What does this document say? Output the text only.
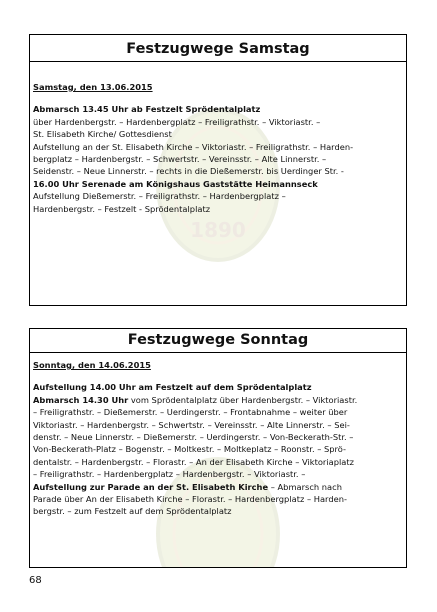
1890
Festzugwege Samstag

Samstag, den 13.06.2015

Abmarsch 13.45 Uhr ab Festzelt Sprödentalplatz

über Hardenbergstr. – Hardenbergplatz – Freiligrathstr. – Viktoriastr. –

St. Elisabeth Kirche/ Gottesdienst

Aufstellung an der St. Elisabeth Kirche – Viktoriastr. – Freiligrathstr. – Harden-

bergplatz – Hardenbergstr. – Schwertstr. – Vereinsstr. – Alte Linnerstr. –

Seidenstr. – Neue Linnerstr. – rechts in die Dießemerstr. bis Uerdinger Str. -

16.00 Uhr Serenade am Königshaus Gaststätte Heimannseck

Aufstellung Dießemerstr. – Freiligrathstr. – Hardenbergplatz –

Hardenbergstr. – Festzelt - Sprödentalplatz

1890
Festzugwege Sonntag

Sonntag, den 14.06.2015

Aufstellung 14.00 Uhr am Festzelt auf dem Sprödentalplatz

Abmarsch 14.30 Uhr vom Sprödentalplatz über Hardenbergstr. – Viktoriastr.

– Freiligrathstr. – Dießemerstr. – Uerdingerstr. – Frontabnahme – weiter über

Viktoriastr. – Hardenbergstr. – Schwertstr. – Vereinsstr. – Alte Linnerstr. – Sei-

denstr. – Neue Linnerstr. – Dießemerstr. – Uerdingerstr. – Von-Beckerath-Str. –

Von-Beckerath-Platz – Bogenstr. – Moltkestr. – Moltkeplatz – Roonstr. – Sprö-

dentalstr. – Hardenbergstr. – Florastr. – An der Elisabeth Kirche – Viktoriaplatz

– Freiligrathstr. – Hardenbergplatz – Hardenbergstr. – Viktoriastr. –

Aufstellung zur Parade an der St. Elisabeth Kirche – Abmarsch nach

Parade über An der Elisabeth Kirche – Florastr. – Hardenbergplatz – Harden-

bergstr. – zum Festzelt auf dem Sprödentalplatz

68
